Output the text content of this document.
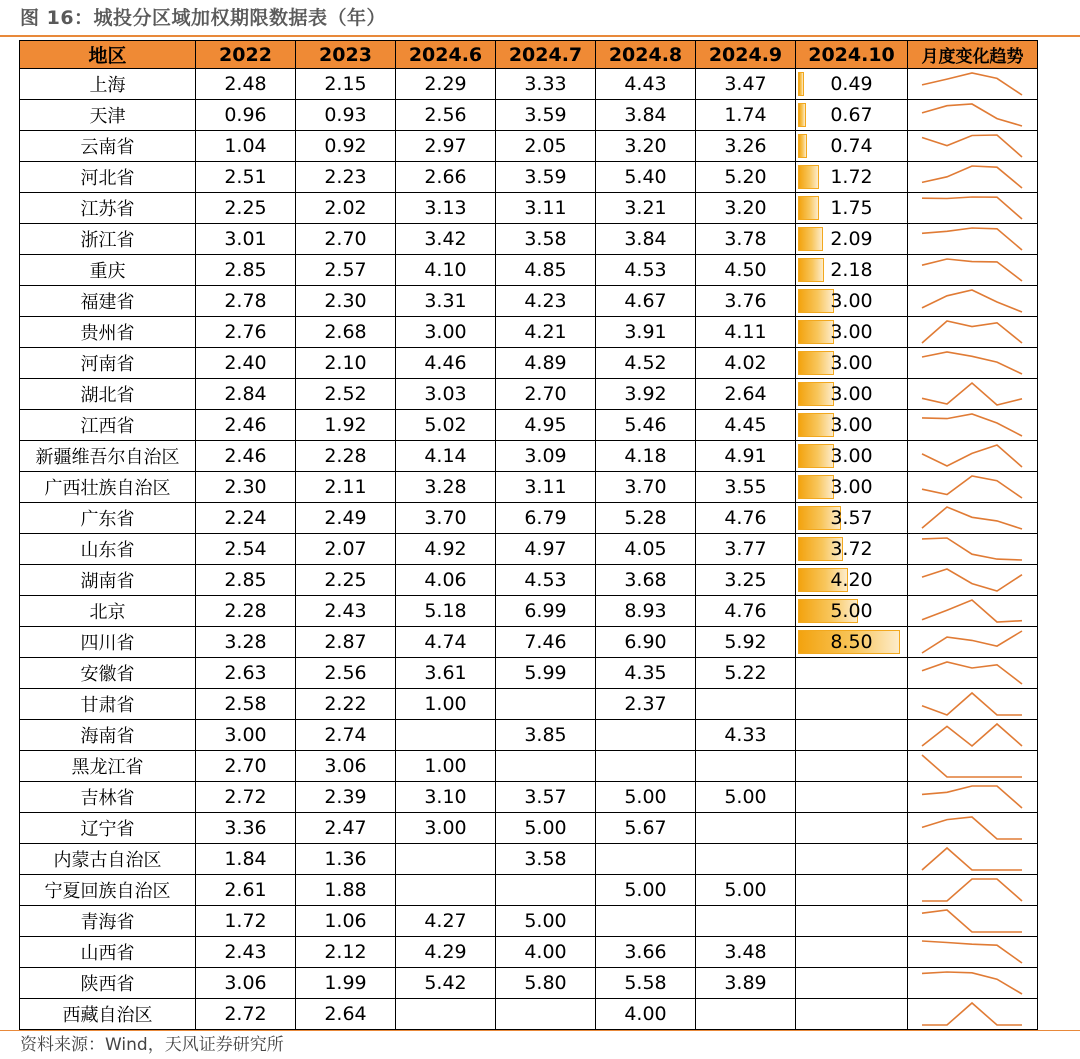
图 16：城投分区域加权期限数据表（年）
地区	2022	2023	2024.6	2024.7	2024.8	2024.9	2024.10	月度变化趋势
上海	2.48	2.15	2.29	3.33	4.43	3.47	0.49	

天津	0.96	0.93	2.56	3.59	3.84	1.74	0.67	

云南省	1.04	0.92	2.97	2.05	3.20	3.26	0.74	

河北省	2.51	2.23	2.66	3.59	5.40	5.20	1.72	

江苏省	2.25	2.02	3.13	3.11	3.21	3.20	1.75	

浙江省	3.01	2.70	3.42	3.58	3.84	3.78	2.09	

重庆	2.85	2.57	4.10	4.85	4.53	4.50	2.18	

福建省	2.78	2.30	3.31	4.23	4.67	3.76	3.00	

贵州省	2.76	2.68	3.00	4.21	3.91	4.11	3.00	

河南省	2.40	2.10	4.46	4.89	4.52	4.02	3.00	

湖北省	2.84	2.52	3.03	2.70	3.92	2.64	3.00	

江西省	2.46	1.92	5.02	4.95	5.46	4.45	3.00	

新疆维吾尔自治区	2.46	2.28	4.14	3.09	4.18	4.91	3.00	

广西壮族自治区	2.30	2.11	3.28	3.11	3.70	3.55	3.00	

广东省	2.24	2.49	3.70	6.79	5.28	4.76	3.57	

山东省	2.54	2.07	4.92	4.97	4.05	3.77	3.72	

湖南省	2.85	2.25	4.06	4.53	3.68	3.25	4.20	

北京	2.28	2.43	5.18	6.99	8.93	4.76	5.00	

四川省	3.28	2.87	4.74	7.46	6.90	5.92	8.50	

安徽省	2.63	2.56	3.61	5.99	4.35	5.22		

甘肃省	2.58	2.22	1.00		2.37			

海南省	3.00	2.74		3.85		4.33		

黑龙江省	2.70	3.06	1.00					

吉林省	2.72	2.39	3.10	3.57	5.00	5.00		

辽宁省	3.36	2.47	3.00	5.00	5.67			

内蒙古自治区	1.84	1.36		3.58				

宁夏回族自治区	2.61	1.88			5.00	5.00		

青海省	1.72	1.06	4.27	5.00				

山西省	2.43	2.12	4.29	4.00	3.66	3.48		

陕西省	3.06	1.99	5.42	5.80	5.58	3.89		

西藏自治区	2.72	2.64			4.00			
资料来源：Wind，天风证券研究所
